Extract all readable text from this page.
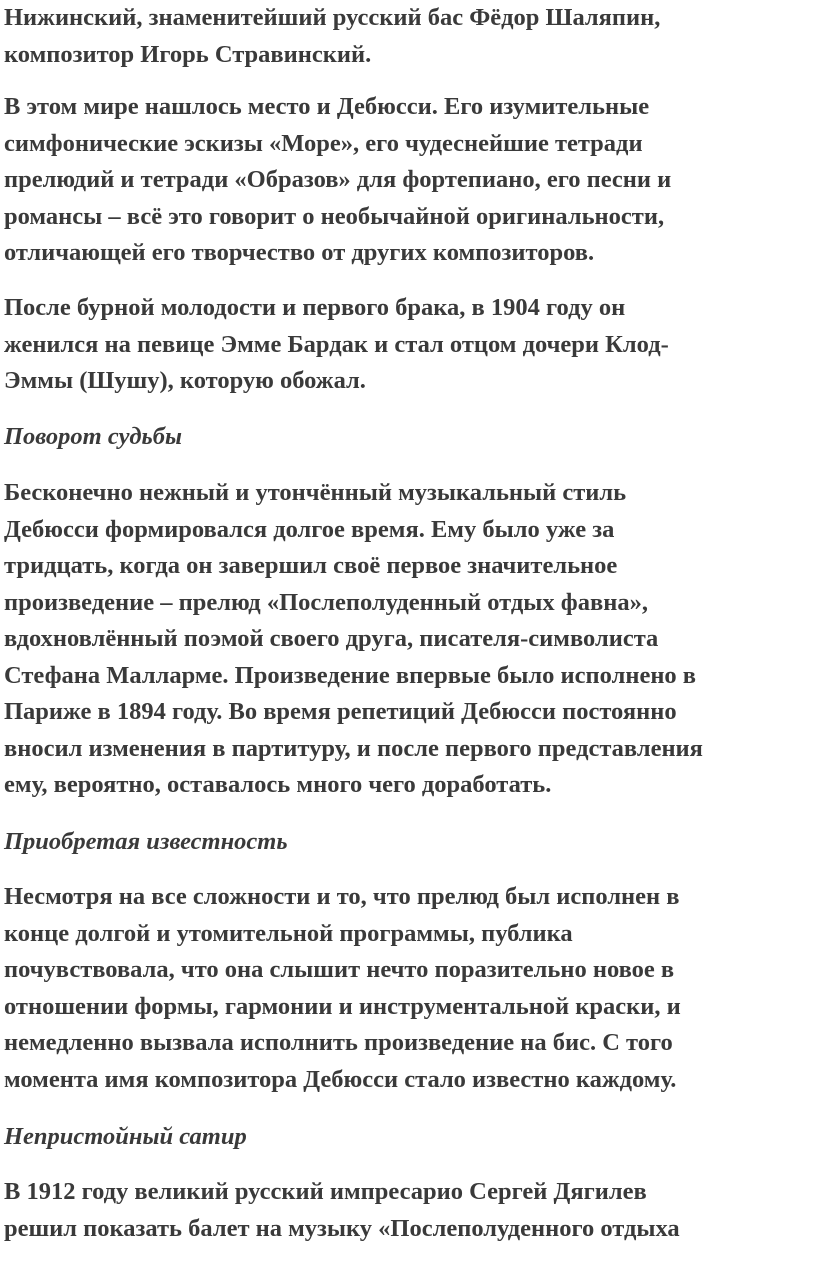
Нижинский, знаменитейший русский бас Фёдор Шаляпин,
композитор Игорь Стравинский.
В этом мире нашлось место и Дебюсси. Его изумительные
симфонические эскизы «Море», его чудеснейшие тетради
прелюдий и тетради «Образов» для фортепиано, его песни и
романсы – всё это говорит о необычайной оригинальности,
отличающей его творчество от других композиторов.
После бурной молодости и первого брака, в 1904 году он
женился на певице Эмме Бардак и стал отцом дочери Клод-
Эммы (Шушу), которую обожал.
Поворот судьбы
Бесконечно нежный и утончённый музыкальный стиль
Дебюсси формировался долгое время. Ему было уже за
тридцать, когда он завершил своё первое значительное
произведение – прелюд «Послеполуденный отдых фавна»,
вдохновлённый поэмой своего друга, писателя-символиста
Стефана Малларме. Произведение впервые было исполнено в
Париже в 1894 году. Во время репетиций Дебюсси постоянно
вносил изменения в партитуру, и после первого представления
ему, вероятно, оставалось много чего доработать.
Приобретая известность
Несмотря на все сложности и то, что прелюд был исполнен в
конце долгой и утомительной программы, публика
почувствовала, что она слышит нечто поразительно новое в
отношении формы, гармонии и инструментальной краски, и
немедленно вызвала исполнить произведение на бис. С того
момента имя композитора Дебюсси стало известно каждому.
Непристойный сатир
В 1912 году великий русский импресарио Сергей Дягилев
решил показать балет на музыку «Послеполуденного отдыха
